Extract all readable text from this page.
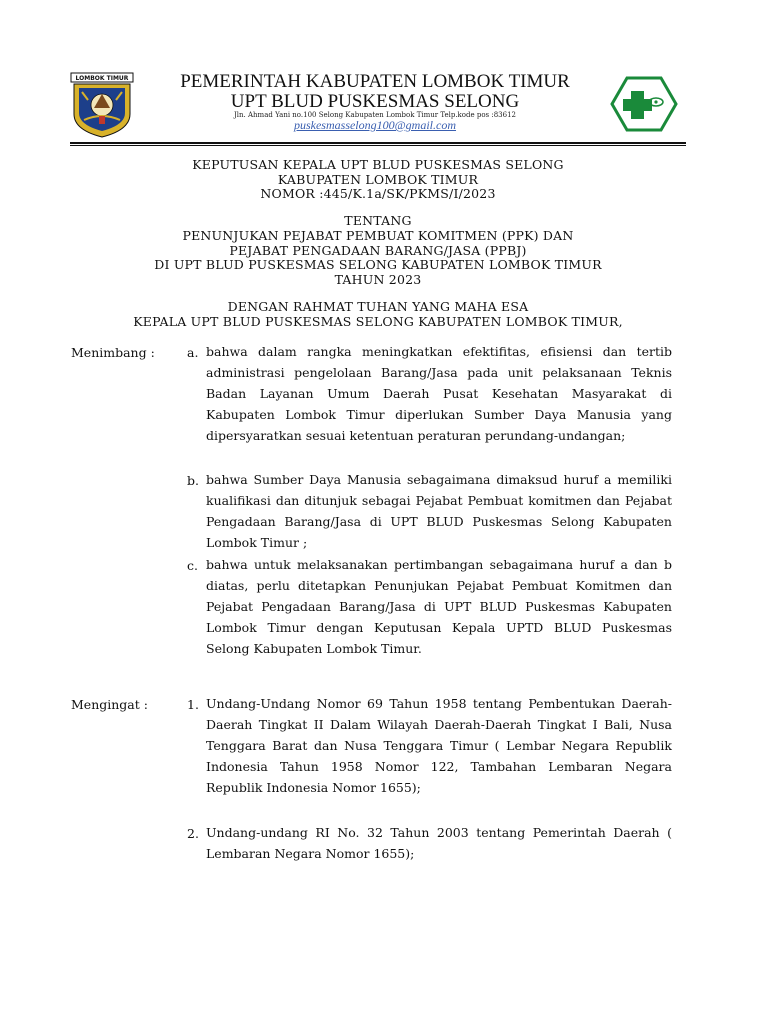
LOMBOK TIMUR	PEMERINTAH KABUPATEN LOMBOK TIMUR
UPT BLUD PUSKESMAS SELONG
Jln. Ahmad Yani no.100 Selong Kabupaten Lombok Timur Telp.kode pos :83612
puskesmasselong100@gmail.com
KEPUTUSAN KEPALA UPT BLUD PUSKESMAS SELONG
KABUPATEN LOMBOK TIMUR
NOMOR :445/K.1a/SK/PKMS/I/2023
TENTANG
PENUNJUKAN PEJABAT PEMBUAT KOMITMEN (PPK) DAN
PEJABAT PENGADAAN BARANG/JASA (PPBJ)
DI UPT BLUD PUSKESMAS SELONG KABUPATEN LOMBOK TIMUR
TAHUN 2023
DENGAN RAHMAT TUHAN YANG MAHA ESA
KEPALA UPT BLUD PUSKESMAS SELONG KABUPATEN LOMBOK TIMUR,
Menimbang :	a. bahwa dalam rangka meningkatkan efektifitas, efisiensi dan tertib administrasi pengelolaan Barang/Jasa pada unit pelaksanaan Teknis Badan Layanan Umum Daerah Pusat Kesehatan Masyarakat di Kabupaten Lombok Timur diperlukan Sumber Daya Manusia yang dipersyaratkan sesuai ketentuan peraturan perundang-undangan;
b. bahwa Sumber Daya Manusia sebagaimana dimaksud huruf a memiliki kualifikasi dan ditunjuk sebagai Pejabat Pembuat komitmen dan Pejabat Pengadaan Barang/Jasa di UPT BLUD Puskesmas Selong Kabupaten Lombok Timur ;
c. bahwa untuk melaksanakan pertimbangan sebagaimana huruf a dan b diatas, perlu ditetapkan Penunjukan Pejabat Pembuat Komitmen dan Pejabat Pengadaan Barang/Jasa di UPT BLUD Puskesmas Kabupaten Lombok Timur dengan Keputusan Kepala UPTD BLUD Puskesmas Selong Kabupaten Lombok Timur.
Mengingat :	1. Undang-Undang Nomor 69 Tahun 1958 tentang Pembentukan Daerah-Daerah Tingkat II Dalam Wilayah Daerah-Daerah Tingkat I Bali, Nusa Tenggara Barat dan Nusa Tenggara Timur ( Lembar Negara Republik Indonesia Tahun 1958 Nomor 122, Tambahan Lembaran Negara Republik Indonesia Nomor 1655);
2. Undang-undang RI No. 32 Tahun 2003 tentang Pemerintah Daerah ( Lembaran Negara Nomor 1655);
